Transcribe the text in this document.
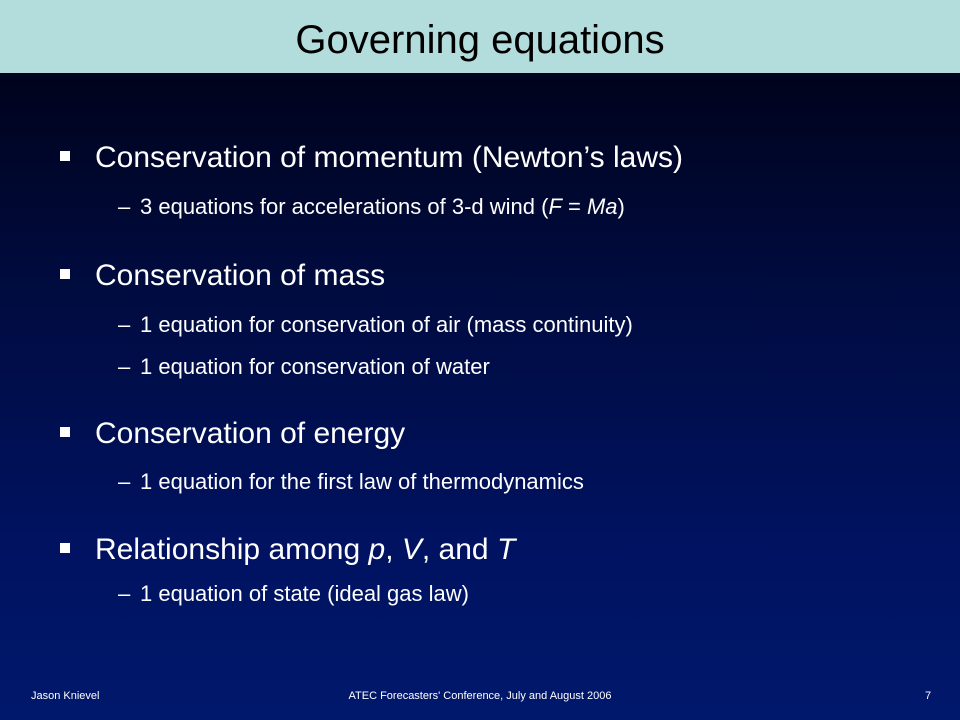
Governing equations
Conservation of momentum (Newton’s laws)
– 3 equations for accelerations of 3-d wind (F = Ma)
Conservation of mass
– 1 equation for conservation of air (mass continuity)
– 1 equation for conservation of water
Conservation of energy
– 1 equation for the first law of thermodynamics
Relationship among p, V, and T
– 1 equation of state (ideal gas law)
Jason Knievel	ATEC Forecasters' Conference, July and August 2006	7
